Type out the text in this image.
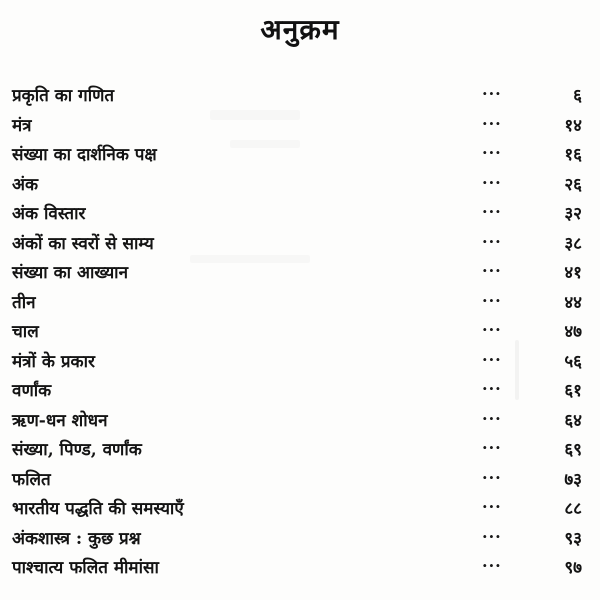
अनुक्रम
प्रकृति का गणित	...	६
मंत्र	...	१४
संख्या का दार्शनिक पक्ष	...	१६
अंक	...	२६
अंक विस्तार	...	३२
अंकों का स्वरों से साम्य	...	३८
संख्या का आख्यान	...	४१
तीन	...	४४
चाल	...	४७
मंत्रों के प्रकार	...	५६
वर्णांक	...	६१
ऋण-धन शोधन	...	६४
संख्या, पिण्ड, वर्णांक	...	६९
फलित	...	७३
भारतीय पद्धति की समस्याएँ	...	८८
अंकशास्त्र : कुछ प्रश्न	...	९३
पाश्चात्य फलित मीमांसा	...	९७
